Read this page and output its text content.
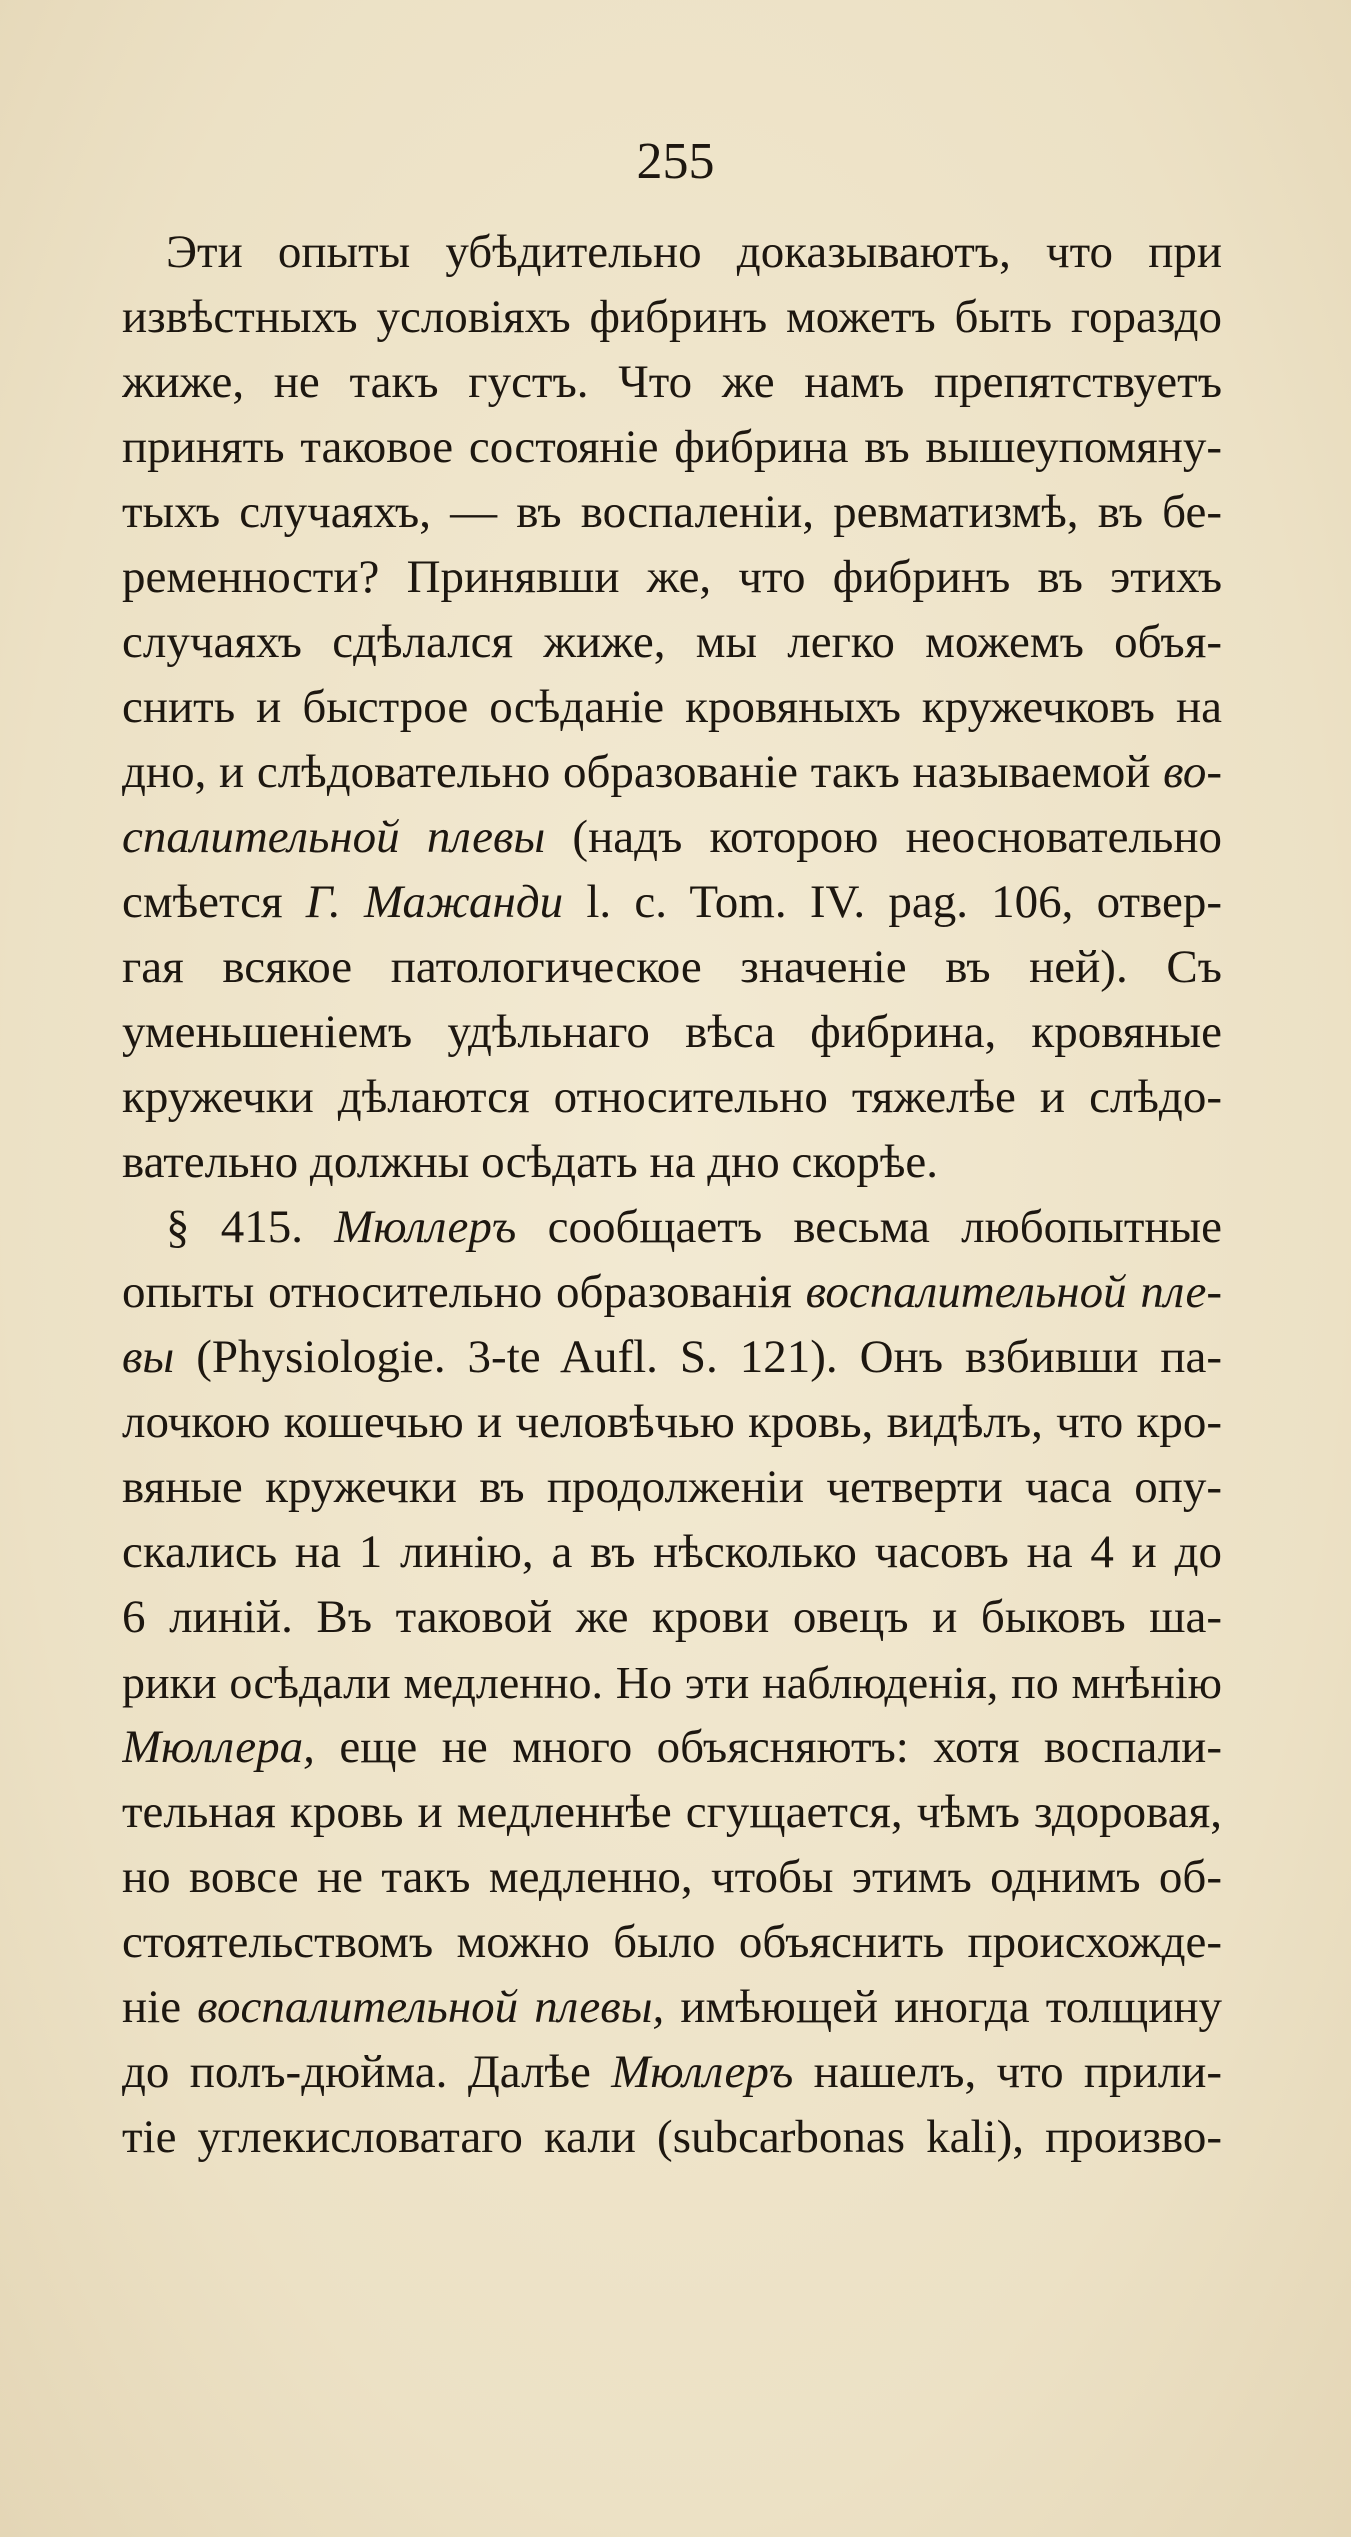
255
Эти опыты убѣдительно доказываютъ, что при
извѣстныхъ условіяхъ фибринъ можетъ быть гораздо
жиже, не такъ густъ. Что же намъ препятствуетъ
принять таковое состояніе фибрина въ вышеупомяну-
тыхъ случаяхъ, — въ воспаленіи, ревматизмѣ, въ бе-
ременности? Принявши же, что фибринъ въ этихъ
случаяхъ сдѣлался жиже, мы легко можемъ объя-
снить и быстрое осѣданіе кровяныхъ кружечковъ на
дно, и слѣдовательно образованіе такъ называемой во-
спалительной плевы (надъ которою неосновательно
смѣется Г. Мажанди l. c. Tom. IV. pag. 106, отвер-
гая всякое патологическое значеніе въ ней). Съ
уменьшеніемъ удѣльнаго вѣса фибрина, кровяные
кружечки дѣлаются относительно тяжелѣе и слѣдо-
вательно должны осѣдать на дно скорѣе.
§ 415. Мюллеръ сообщаетъ весьма любопытные
опыты относительно образованія воспалительной пле-
вы (Physiologie. 3-te Aufl. S. 121). Онъ взбивши па-
лочкою кошечью и человѣчью кровь, видѣлъ, что кро-
вяные кружечки въ продолженіи четверти часа опу-
скались на 1 линію, а въ нѣсколько часовъ на 4 и до
6 линій. Въ таковой же крови овецъ и быковъ ша-
рики осѣдали медленно. Но эти наблюденія, по мнѣнію
Мюллера, еще не много объясняютъ: хотя воспали-
тельная кровь и медленнѣе сгущается, чѣмъ здоровая,
но вовсе не такъ медленно, чтобы этимъ однимъ об-
стоятельствомъ можно было объяснить происхожде-
ніе воспалительной плевы, имѣющей иногда толщину
до полъ-дюйма. Далѣе Мюллеръ нашелъ, что прили-
тіе углекисловатаго кали (subcarbonas kali), произво-
